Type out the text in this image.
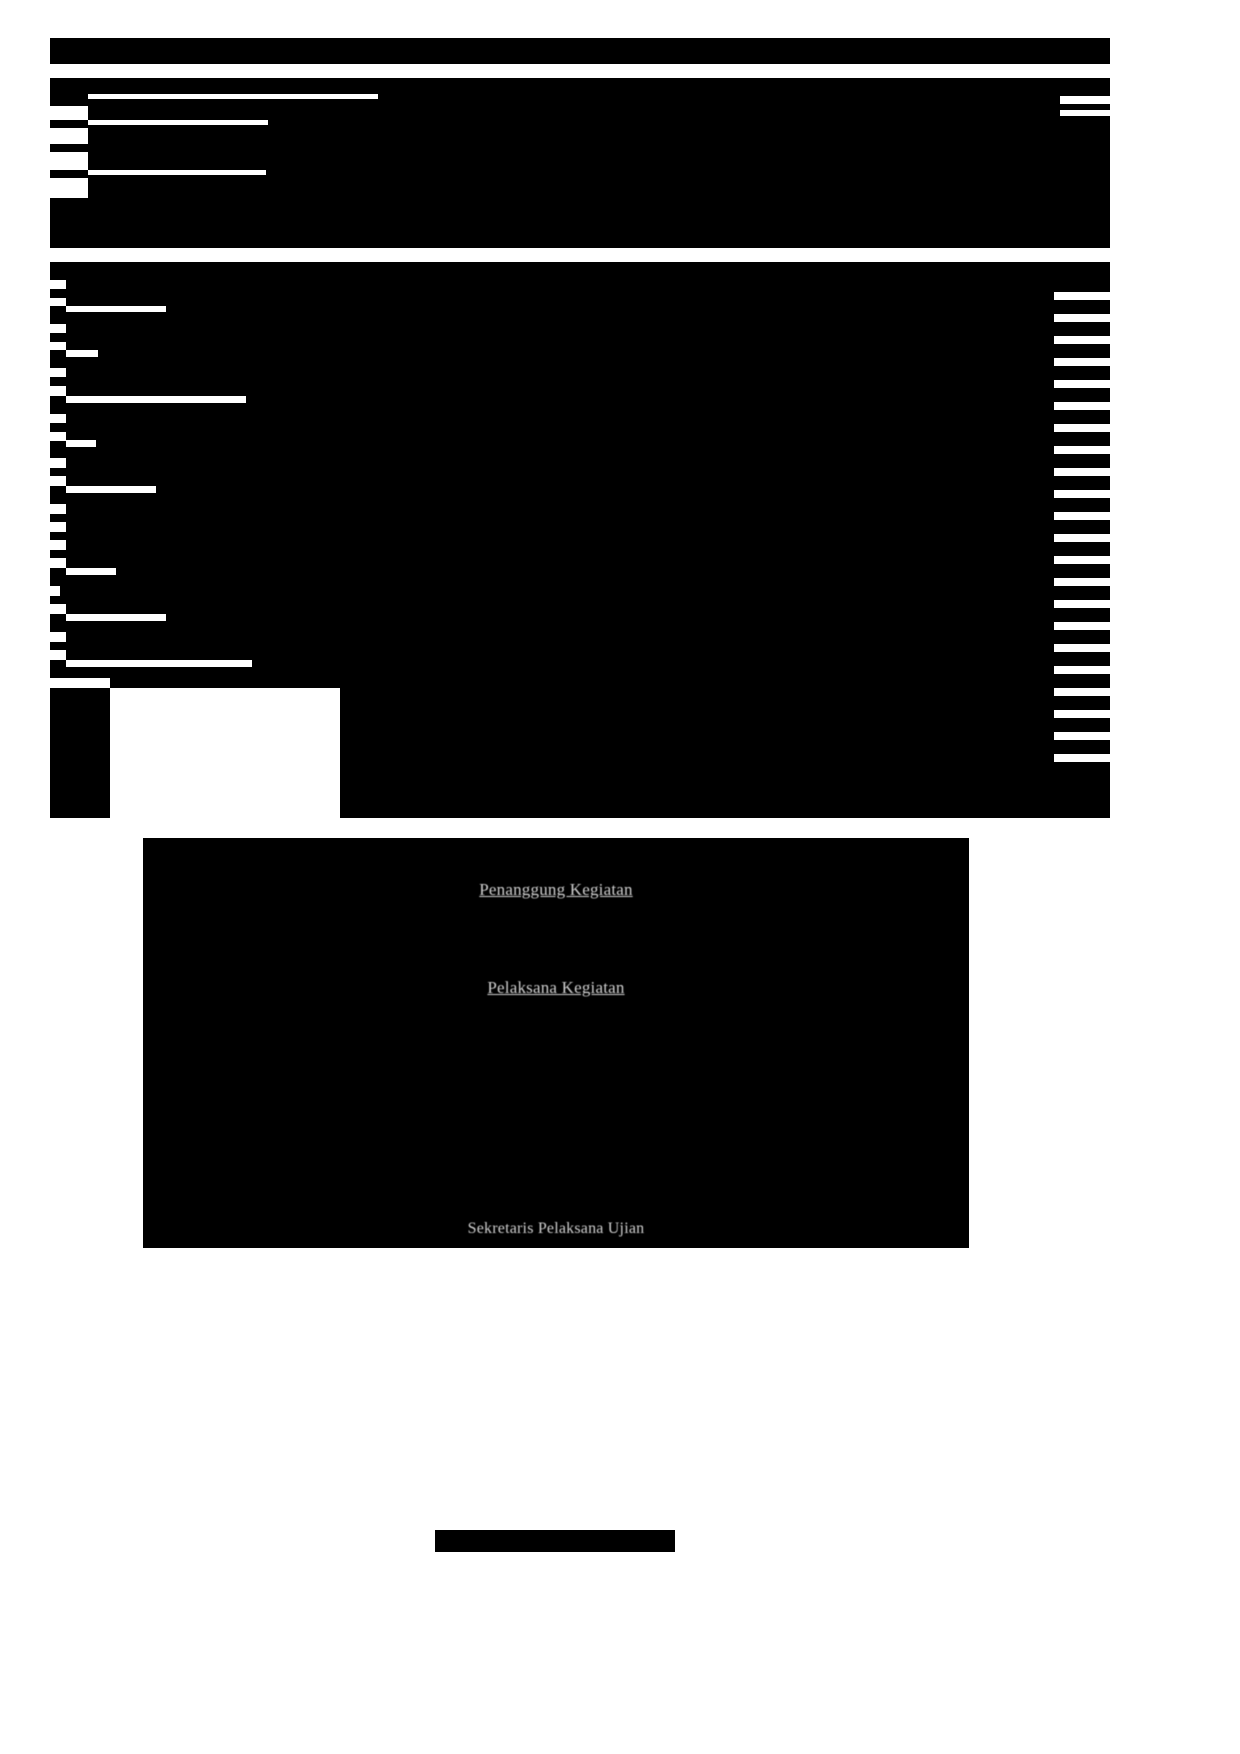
Penanggung Kegiatan
Pelaksana Kegiatan
Sekretaris Pelaksana Ujian
